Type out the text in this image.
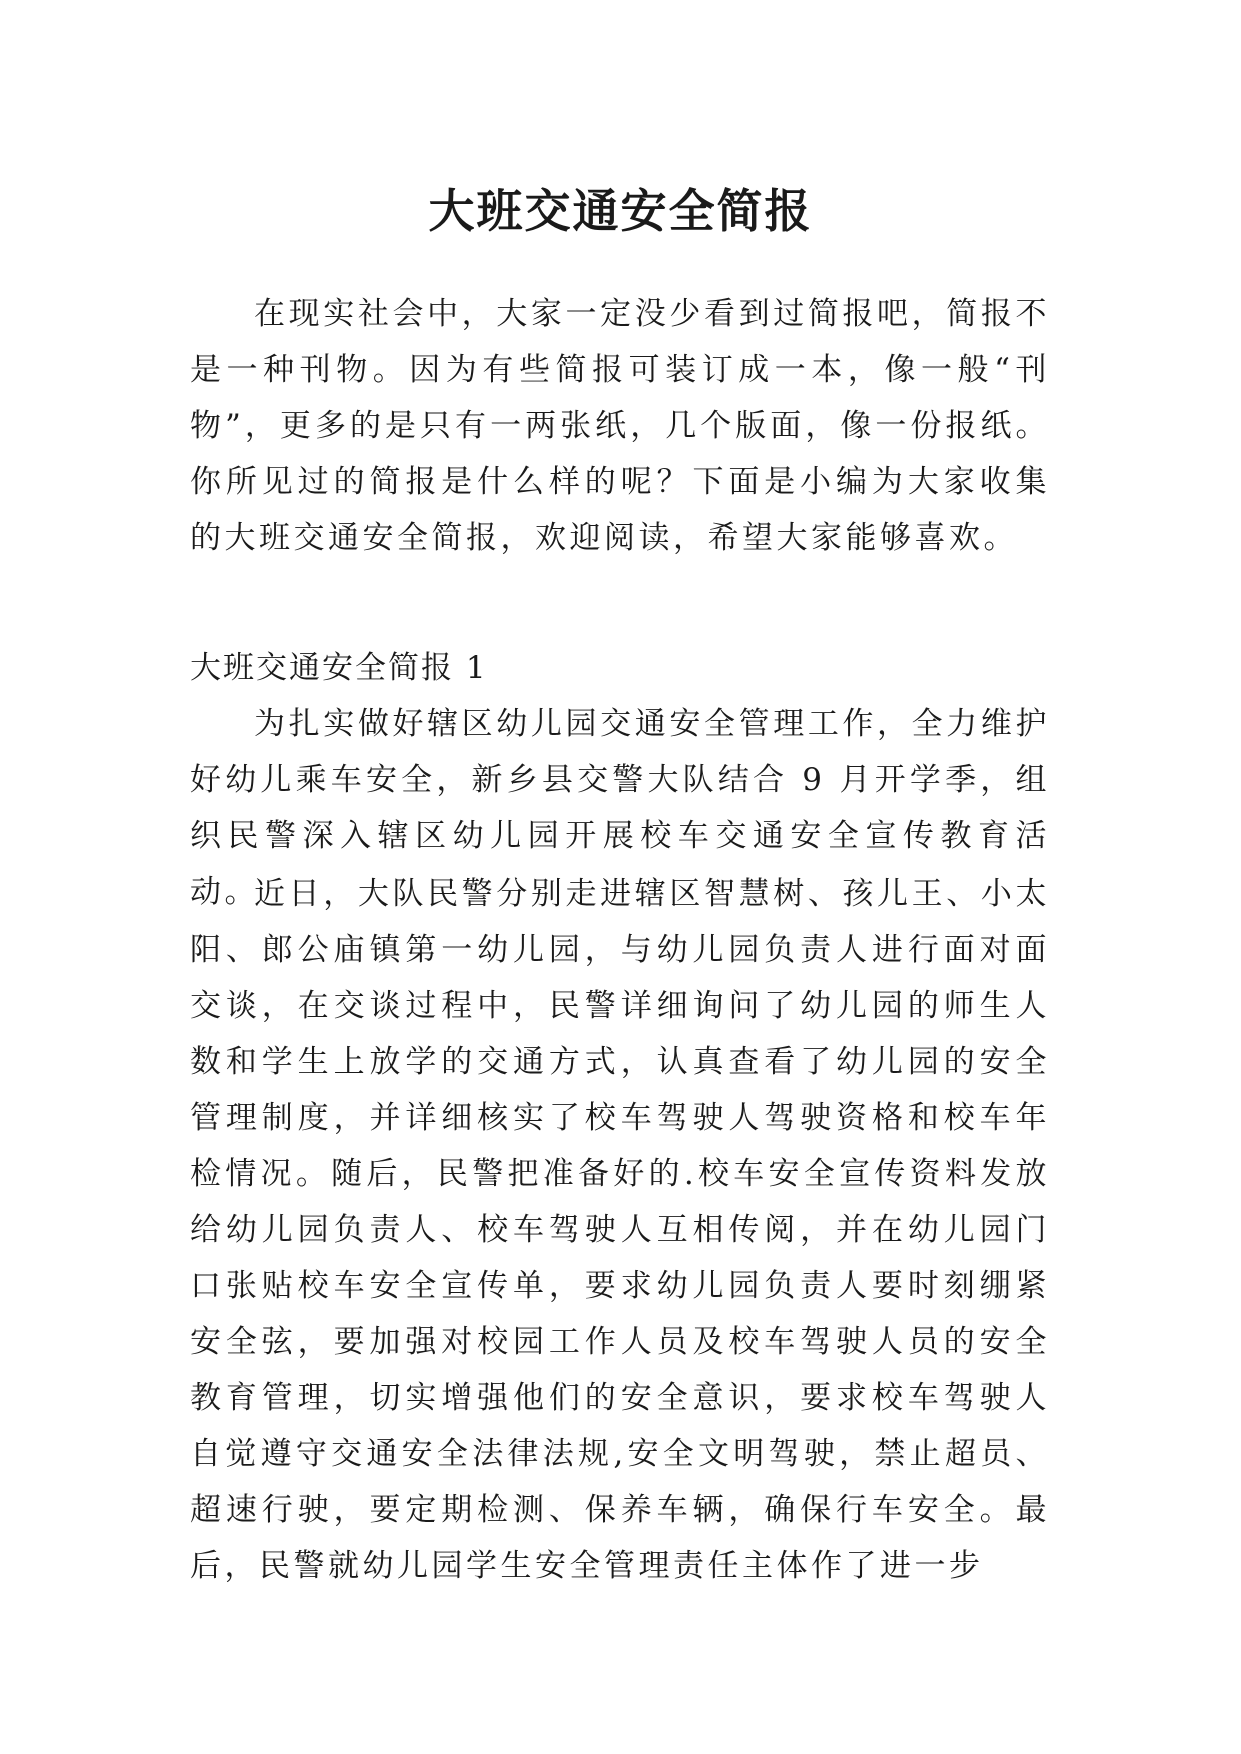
大班交通安全简报

在现实社会中，大家一定没少看到过简报吧，简报不是一种刊物。因为有些简报可装订成一本，像一般“刊物”，更多的是只有一两张纸，几个版面，像一份报纸。你所见过的简报是什么样的呢？下面是小编为大家收集的大班交通安全简报，欢迎阅读，希望大家能够喜欢。

大班交通安全简报 1

为扎实做好辖区幼儿园交通安全管理工作，全力维护好幼儿乘车安全，新乡县交警大队结合 9 月开学季，组织民警深入辖区幼儿园开展校车交通安全宣传教育活动。

近日，大队民警分别走进辖区智慧树、孩儿王、小太阳、郎公庙镇第一幼儿园，与幼儿园负责人进行面对面交谈，在交谈过程中，民警详细询问了幼儿园的师生人数和学生上放学的交通方式，认真查看了幼儿园的安全管理制度，并详细核实了校车驾驶人驾驶资格和校车年检情况。随后，民警把准备好的.校车安全宣传资料发放给幼儿园负责人、校车驾驶人互相传阅，并在幼儿园门口张贴校车安全宣传单，要求幼儿园负责人要时刻绷紧安全弦，要加强对校园工作人员及校车驾驶人员的安全教育管理，切实增强他们的安全意识，要求校车驾驶人自觉遵守交通安全法律法规,安全文明驾驶，禁止超员、超速行驶，要定期检测、保养车辆，确保行车安全。最后，民警就幼儿园学生安全管理责任主体作了进一步
